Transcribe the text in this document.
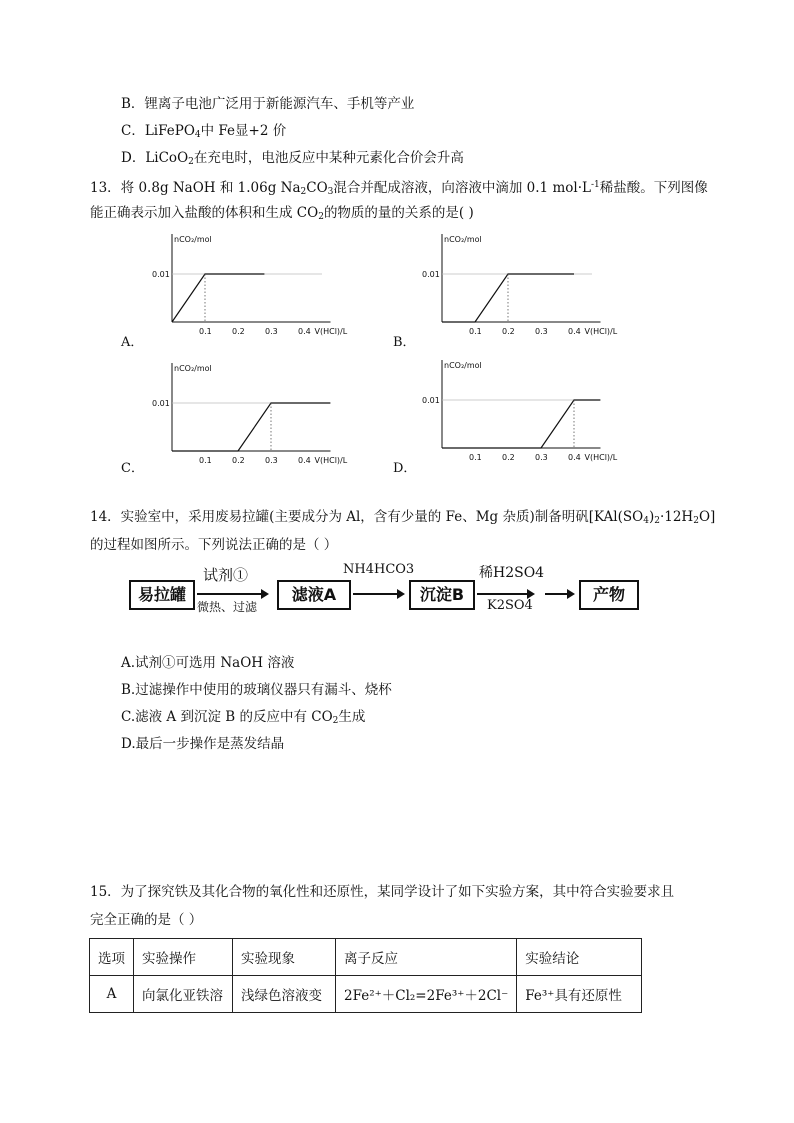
B．锂离子电池广泛用于新能源汽车、手机等产业
C．LiFePO$_4$中 Fe显+2 价
D．LiCoO$_2$在充电时，电池反应中某种元素化合价会升高
13．将 0.8g NaOH 和 1.06g $Na_2CO_3$混合并配成溶液，向溶液中滴加 0.1 $mol\cdot L^{-1}$稀盐酸。下列图像
能正确表示加入盐酸的体积和生成 $CO_2$的物质的量的关系的是( )
nCO₂/mol
V(HCl)/L
0.01
0.1	0.2	0.3	0.4
nCO₂/mol
V(HCl)/L
0.01
0.1	0.2	0.3	0.4
nCO₂/mol
V(HCl)/L
0.01
0.1	0.2	0.3	0.4
nCO₂/mol
V(HCl)/L
0.01
0.1	0.2	0.3	0.4
A．	B．
C．	D．
14．实验室中，采用废易拉罐(主要成分为 Al，含有少量的 Fe、Mg 杂质)制备明矾$[KAl(SO_4)_2\cdot 12H_2O]$
的过程如图所示。下列说法正确的是（ ）
易拉罐
试剂①
微热、过滤
滤液A
NH4HCO3
沉淀B
稀H2SO4
K2SO4
产物
A.试剂①可选用 NaOH 溶液
B.过滤操作中使用的玻璃仪器只有漏斗、烧杯
C.滤液 A 到沉淀 B 的反应中有 $CO_2$生成
D.最后一步操作是蒸发结晶
15．为了探究铁及其化合物的氧化性和还原性，某同学设计了如下实验方案，其中符合实验要求且
完全正确的是（ ）
选项	实验操作	实验现象	离子反应	实验结论
A	向氯化亚铁溶	浅绿色溶液变	2Fe²⁺＋Cl₂=2Fe³⁺＋2Cl⁻	Fe³⁺具有还原性
